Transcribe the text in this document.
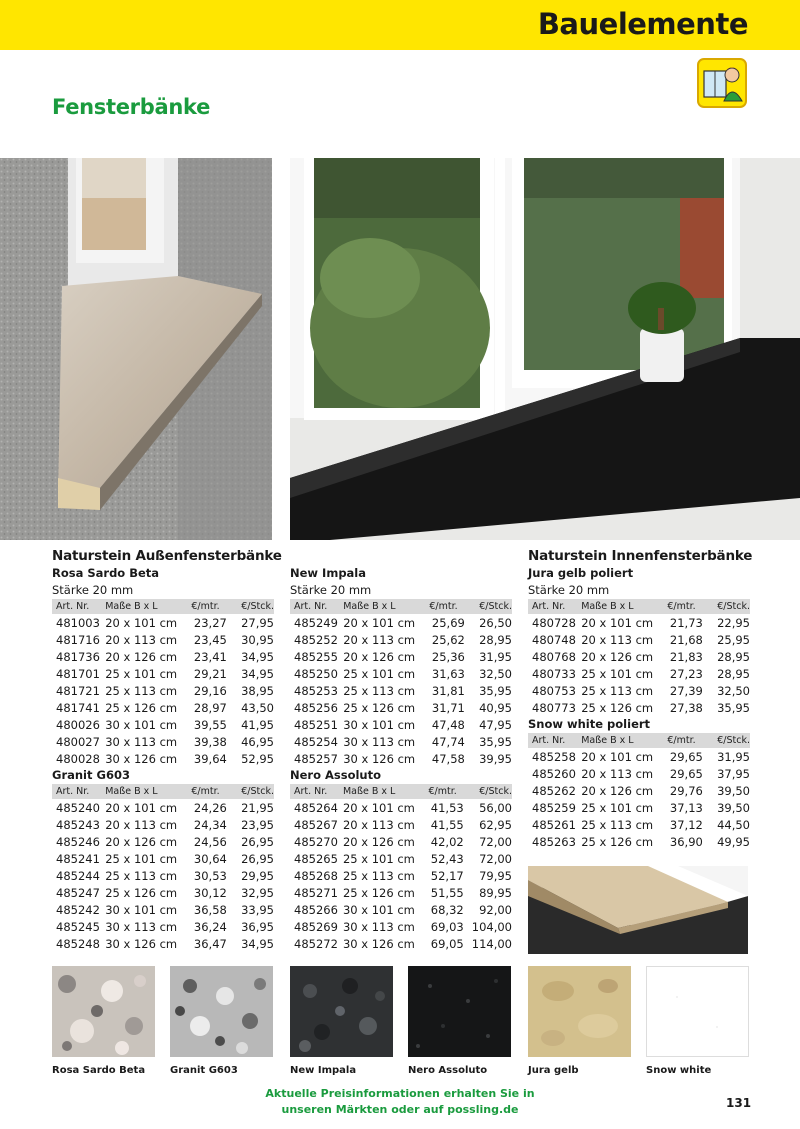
Bauelemente
Fensterbänke
Naturstein Außenfensterbänke
Rosa Sardo Beta
Stärke 20 mm
Art. Nr.	Maße B x L	€/mtr.	€/Stck.
481003	20 x 101 cm	23,27	27,95
481716	20 x 113 cm	23,45	30,95
481736	20 x 126 cm	23,41	34,95
481701	25 x 101 cm	29,21	34,95
481721	25 x 113 cm	29,16	38,95
481741	25 x 126 cm	28,97	43,50
480026	30 x 101 cm	39,55	41,95
480027	30 x 113 cm	39,38	46,95
480028	30 x 126 cm	39,64	52,95
Granit G603
Art. Nr.	Maße B x L	€/mtr.	€/Stck.
485240	20 x 101 cm	24,26	21,95
485243	20 x 113 cm	24,34	23,95
485246	20 x 126 cm	24,56	26,95
485241	25 x 101 cm	30,64	26,95
485244	25 x 113 cm	30,53	29,95
485247	25 x 126 cm	30,12	32,95
485242	30 x 101 cm	36,58	33,95
485245	30 x 113 cm	36,24	36,95
485248	30 x 126 cm	36,47	34,95
New Impala
Stärke 20 mm
Art. Nr.	Maße B x L	€/mtr.	€/Stck.
485249	20 x 101 cm	25,69	26,50
485252	20 x 113 cm	25,62	28,95
485255	20 x 126 cm	25,36	31,95
485250	25 x 101 cm	31,63	32,50
485253	25 x 113 cm	31,81	35,95
485256	25 x 126 cm	31,71	40,95
485251	30 x 101 cm	47,48	47,95
485254	30 x 113 cm	47,74	35,95
485257	30 x 126 cm	47,58	39,95
Nero Assoluto
Art. Nr.	Maße B x L	€/mtr.	€/Stck.
485264	20 x 101 cm	41,53	56,00
485267	20 x 113 cm	41,55	62,95
485270	20 x 126 cm	42,02	72,00
485265	25 x 101 cm	52,43	72,00
485268	25 x 113 cm	52,17	79,95
485271	25 x 126 cm	51,55	89,95
485266	30 x 101 cm	68,32	92,00
485269	30 x 113 cm	69,03	104,00
485272	30 x 126 cm	69,05	114,00
Naturstein Innenfensterbänke
Jura gelb poliert
Stärke 20 mm
Art. Nr.	Maße B x L	€/mtr.	€/Stck.
480728	20 x 101 cm	21,73	22,95
480748	20 x 113 cm	21,68	25,95
480768	20 x 126 cm	21,83	28,95
480733	25 x 101 cm	27,23	28,95
480753	25 x 113 cm	27,39	32,50
480773	25 x 126 cm	27,38	35,95
Snow white poliert
Art. Nr.	Maße B x L	€/mtr.	€/Stck.
485258	20 x 101 cm	29,65	31,95
485260	20 x 113 cm	29,65	37,95
485262	20 x 126 cm	29,76	39,50
485259	25 x 101 cm	37,13	39,50
485261	25 x 113 cm	37,12	44,50
485263	25 x 126 cm	36,90	49,95
Rosa Sardo Beta Granit G603	New Impala	Nero Assoluto	Jura gelb	Snow white
Aktuelle Preisinformationen erhalten Sie in
unseren Märkten oder auf possling.de	131
